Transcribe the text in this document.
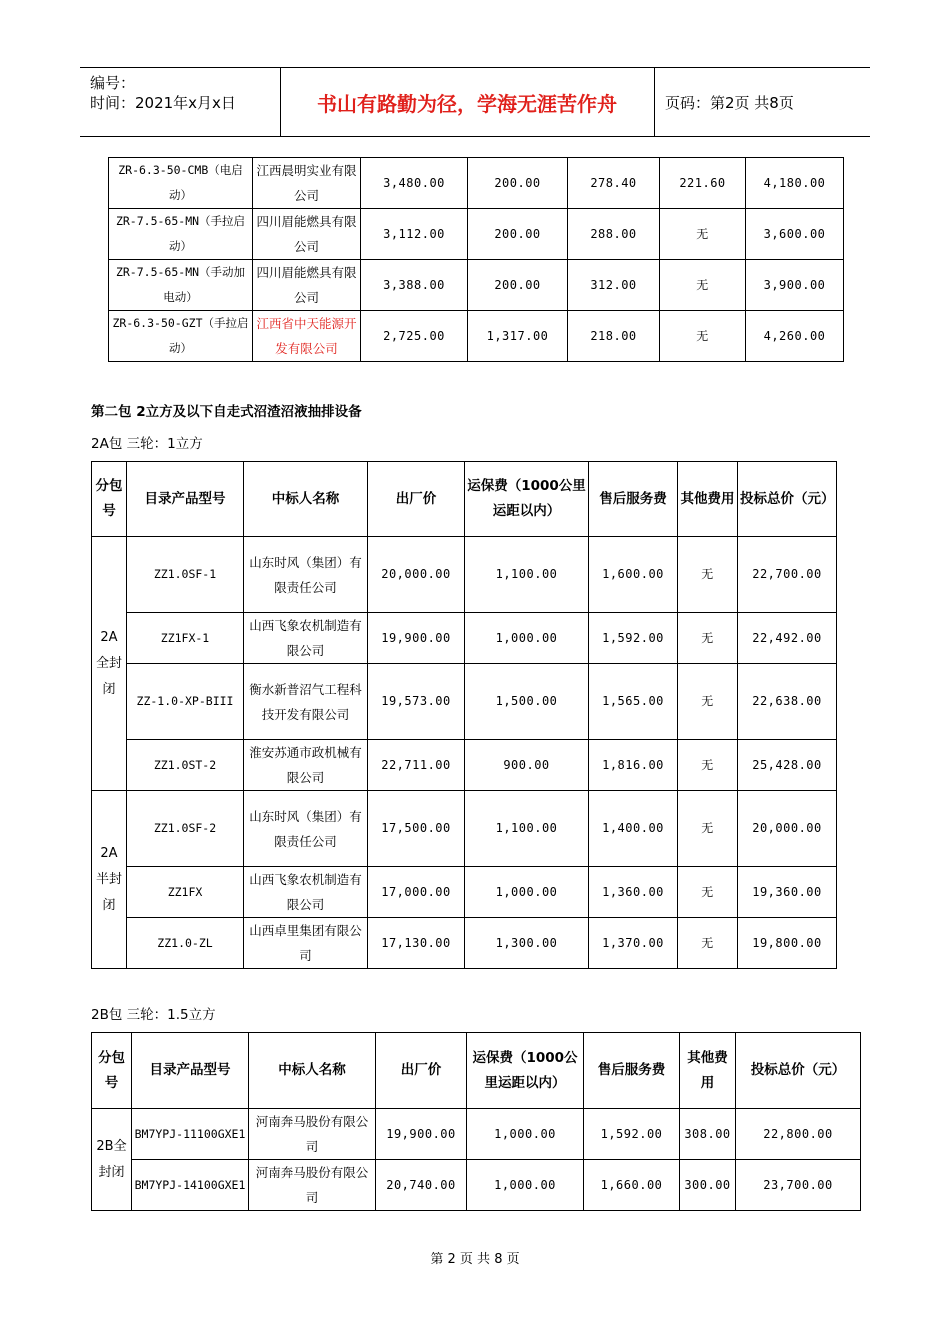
编号：
时间：2021年x月x日	书山有路勤为径，学海无涯苦作舟	页码：第2页 共8页
ZR-6.3-50-CMB（电启动）	江西晨明实业有限公司	3,480.00	200.00	278.40	221.60	4,180.00
ZR-7.5-65-MN（手拉启动）	四川眉能燃具有限公司	3,112.00	200.00	288.00	无	3,600.00
ZR-7.5-65-MN（手动加电动）	四川眉能燃具有限公司	3,388.00	200.00	312.00	无	3,900.00
ZR-6.3-50-GZT（手拉启动）	江西省中天能源开发有限公司	2,725.00	1,317.00	218.00	无	4,260.00
第二包 2立方及以下自走式沼渣沼液抽排设备
2A包 三轮：1立方
分包号	目录产品型号	中标人名称	出厂价	运保费（1000公里运距以内）	售后服务费	其他费用	投标总价（元）
2A全封闭	ZZ1.0SF-1	山东时风（集团）有限责任公司	20,000.00	1,100.00	1,600.00	无	22,700.00
	ZZ1FX-1	山西飞象农机制造有限公司	19,900.00	1,000.00	1,592.00	无	22,492.00
	ZZ-1.0-XP-BIII	衡水新普沼气工程科技开发有限公司	19,573.00	1,500.00	1,565.00	无	22,638.00
	ZZ1.0ST-2	淮安苏通市政机械有限公司	22,711.00	900.00	1,816.00	无	25,428.00
2A半封闭	ZZ1.0SF-2	山东时风（集团）有限责任公司	17,500.00	1,100.00	1,400.00	无	20,000.00
	ZZ1FX	山西飞象农机制造有限公司	17,000.00	1,000.00	1,360.00	无	19,360.00
	ZZ1.0-ZL	山西卓里集团有限公司	17,130.00	1,300.00	1,370.00	无	19,800.00
2B包 三轮：1.5立方
分包号	目录产品型号	中标人名称	出厂价	运保费（1000公里运距以内）	售后服务费	其他费用	投标总价（元）
2B全封闭	BM7YPJ-11100GXE1	河南奔马股份有限公司	19,900.00	1,000.00	1,592.00	308.00	22,800.00
	BM7YPJ-14100GXE1	河南奔马股份有限公司	20,740.00	1,000.00	1,660.00	300.00	23,700.00
第 2 页 共 8 页
